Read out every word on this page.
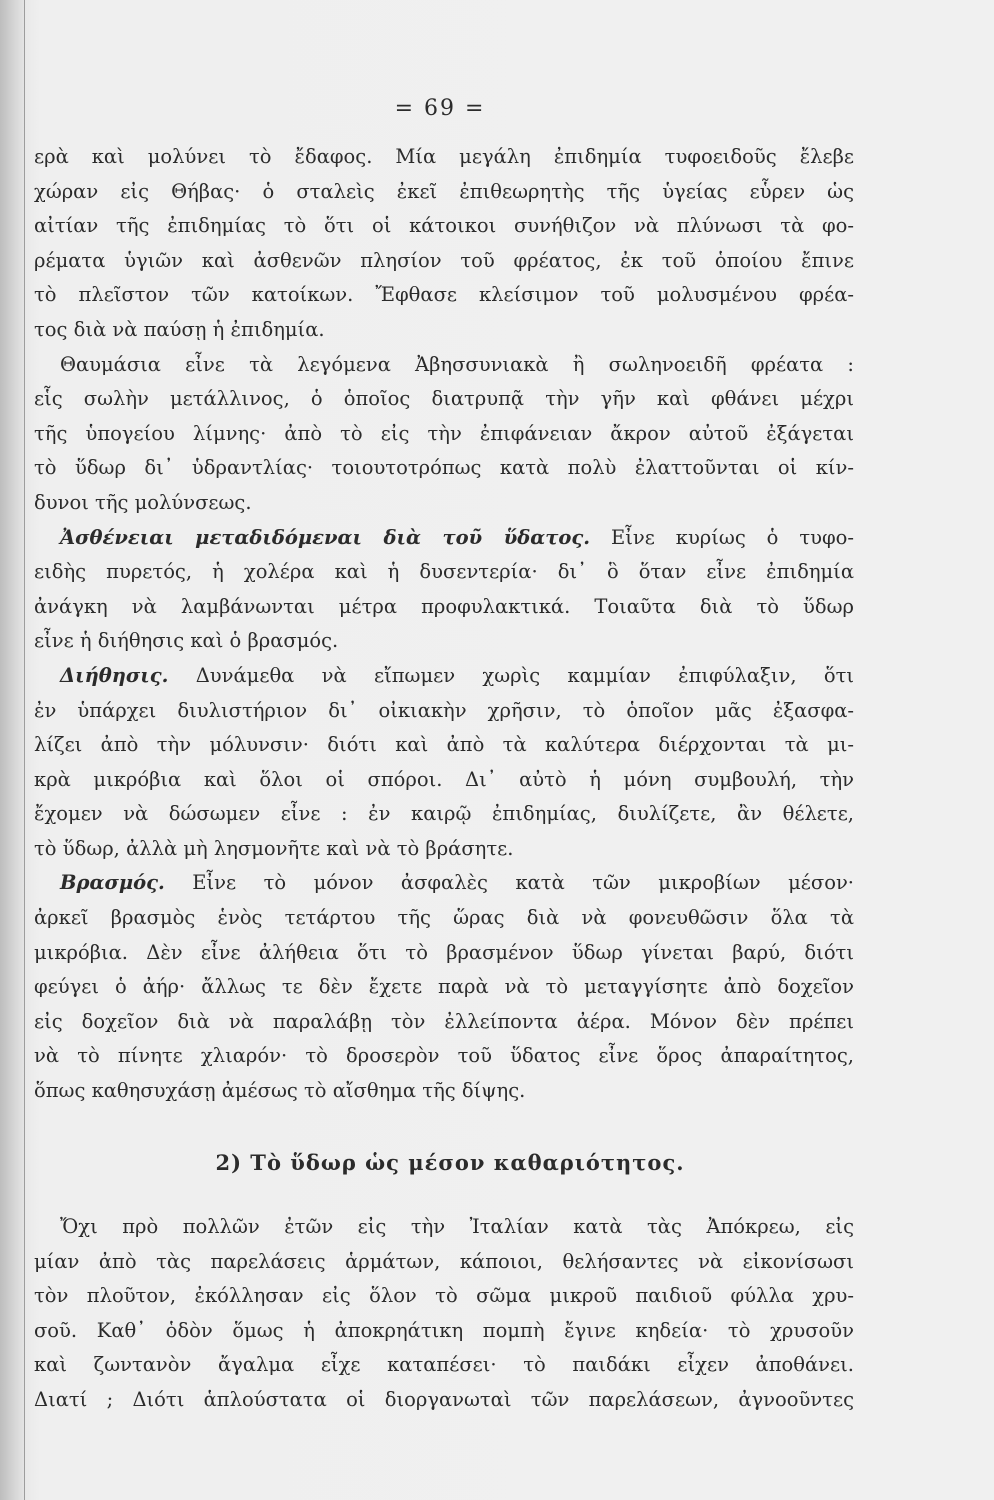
= 69 =
ερὰ καὶ μολύνει τὸ ἔδαφος. Μία μεγάλη ἐπιδημία τυφοειδοῦς ἔλεβε
χώραν εἰς Θήβας· ὁ σταλεὶς ἐκεῖ ἐπιθεωρητὴς τῆς ὑγείας εὗρεν ὡς
αἰτίαν τῆς ἐπιδημίας τὸ ὅτι οἱ κάτοικοι συνήθιζον νὰ πλύνωσι τὰ φο-
ρέματα ὑγιῶν καὶ ἀσθενῶν πλησίον τοῦ φρέατος, ἐκ τοῦ ὁποίου ἔπινε
τὸ πλεῖστον τῶν κατοίκων. Ἔφθασε κλείσιμον τοῦ μολυσμένου φρέα-
τος διὰ νὰ παύσῃ ἡ ἐπιδημία.
Θαυμάσια εἶνε τὰ λεγόμενα Ἀβησσυνιακὰ ἢ σωληνοειδῆ φρέατα :
εἷς σωλὴν μετάλλινος, ὁ ὁποῖος διατρυπᾷ τὴν γῆν καὶ φθάνει μέχρι
τῆς ὑπογείου λίμνης· ἀπὸ τὸ εἰς τὴν ἐπιφάνειαν ἄκρον αὐτοῦ ἐξάγεται
τὸ ὕδωρ δι᾽ ὑδραντλίας· τοιουτοτρόπως κατὰ πολὺ ἐλαττοῦνται οἱ κίν-
δυνοι τῆς μολύνσεως.
Ἀσθένειαι μεταδιδόμεναι διὰ τοῦ ὕδατος. Εἶνε κυρίως ὁ τυφο-
ειδὴς πυρετός, ἡ χολέρα καὶ ἡ δυσεντερία· δι᾽ ὃ ὅταν εἶνε ἐπιδημία
ἀνάγκη νὰ λαμβάνωνται μέτρα προφυλακτικά. Τοιαῦτα διὰ τὸ ὕδωρ
εἶνε ἡ διήθησις καὶ ὁ βρασμός.
Διήθησις. Δυνάμεθα νὰ εἴπωμεν χωρὶς καμμίαν ἐπιφύλαξιν, ὅτι
ἐν ὑπάρχει διυλιστήριον δι᾽ οἰκιακὴν χρῆσιν, τὸ ὁποῖον μᾶς ἐξασφα-
λίζει ἀπὸ τὴν μόλυνσιν· διότι καὶ ἀπὸ τὰ καλύτερα διέρχονται τὰ μι-
κρὰ μικρόβια καὶ ὅλοι οἱ σπόροι. Δι᾽ αὐτὸ ἡ μόνη συμβουλή, τὴν
ἔχομεν νὰ δώσωμεν εἶνε : ἐν καιρῷ ἐπιδημίας, διυλίζετε, ἂν θέλετε,
τὸ ὕδωρ, ἀλλὰ μὴ λησμονῆτε καὶ νὰ τὸ βράσητε.
Βρασμός. Εἶνε τὸ μόνον ἀσφαλὲς κατὰ τῶν μικροβίων μέσον·
ἀρκεῖ βρασμὸς ἑνὸς τετάρτου τῆς ὥρας διὰ νὰ φονευθῶσιν ὅλα τὰ
μικρόβια. Δὲν εἶνε ἀλήθεια ὅτι τὸ βρασμένον ὕδωρ γίνεται βαρύ, διότι
φεύγει ὁ ἀήρ· ἄλλως τε δὲν ἔχετε παρὰ νὰ τὸ μεταγγίσητε ἀπὸ δοχεῖον
εἰς δοχεῖον διὰ νὰ παραλάβῃ τὸν ἐλλείποντα ἀέρα. Μόνον δὲν πρέπει
νὰ τὸ πίνητε χλιαρόν· τὸ δροσερὸν τοῦ ὕδατος εἶνε ὅρος ἀπαραίτητος,
ὅπως καθησυχάσῃ ἀμέσως τὸ αἴσθημα τῆς δίψης.
2) Τὸ ὕδωρ ὡς μέσον καθαριότητος.
Ὄχι πρὸ πολλῶν ἐτῶν εἰς τὴν Ἰταλίαν κατὰ τὰς Ἀπόκρεω, εἰς
μίαν ἀπὸ τὰς παρελάσεις ἁρμάτων, κάποιοι, θελήσαντες νὰ εἰκονίσωσι
τὸν πλοῦτον, ἐκόλλησαν εἰς ὅλον τὸ σῶμα μικροῦ παιδιοῦ φύλλα χρυ-
σοῦ. Καθ᾽ ὁδὸν ὅμως ἡ ἀποκρηάτικη πομπὴ ἔγινε κηδεία· τὸ χρυσοῦν
καὶ ζωντανὸν ἄγαλμα εἶχε καταπέσει· τὸ παιδάκι εἶχεν ἀποθάνει.
Διατί ; Διότι ἁπλούστατα οἱ διοργανωταὶ τῶν παρελάσεων, ἀγνοοῦντες
